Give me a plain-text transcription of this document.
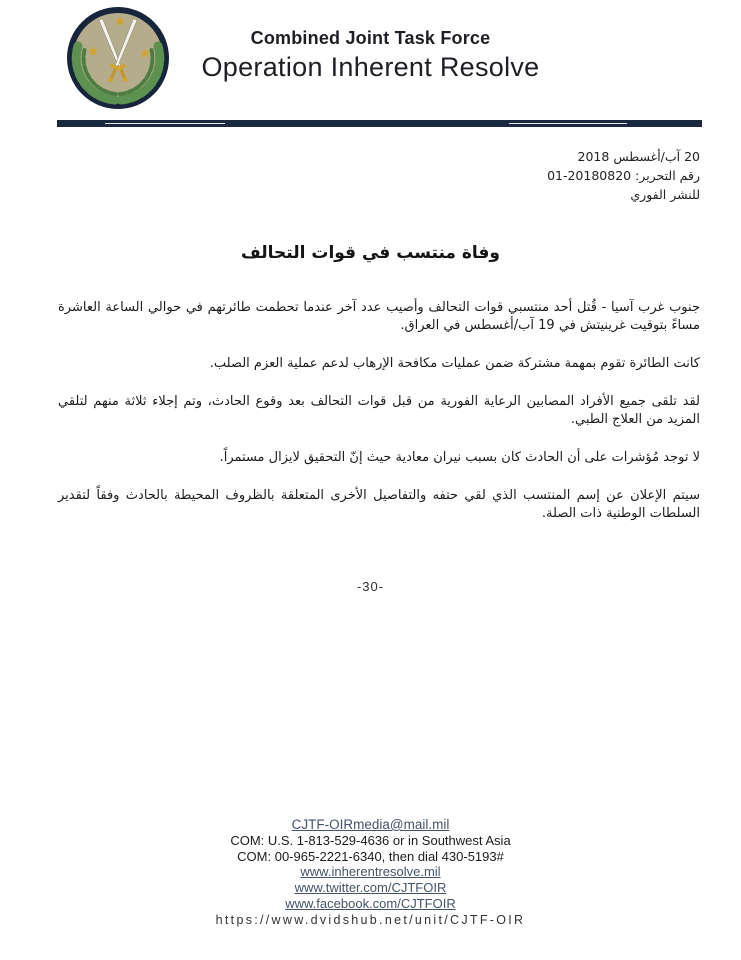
Combined Joint Task Force
Operation Inherent Resolve
20 آب/أغسطس 2018
رقم التحرير: 20180820-01
للنشر الفوري
وفاة منتسب في قوات التحالف

جنوب غرب آسيا - قُتل أحد منتسبي قوات التحالف وأصيب عدد آخر عندما تحطمت طائرتهم في حوالي الساعة العاشرة مساءً بتوقيت غرينيتش في 19 آب/أغسطس في العراق.

كانت الطائرة تقوم بمهمة مشتركة ضمن عمليات مكافحة الإرهاب لدعم عملية العزم الصلب.

لقد تلقى جميع الأفراد المصابين الرعاية الفورية من قبل قوات التحالف بعد وقوع الحادث، وتم إجلاء ثلاثة منهم لتلقي المزيد من العلاج الطبي.

لا توجد مُؤشرات على أن الحادث كان بسبب نيران معادية حيث إنّ التحقيق لايزال مستمراً.

سيتم الإعلان عن إسم المنتسب الذي لقي حتفه والتفاصيل الأخرى المتعلقة بالظروف المحيطة بالحادث وفقاً لتقدير السلطات الوطنية ذات الصلة.

-30-
CJTF-OIRmedia@mail.mil
COM: U.S. 1-813-529-4636 or in Southwest Asia
COM: 00-965-2221-6340, then dial 430-5193#
www.inherentresolve.mil
www.twitter.com/CJTFOIR
www.facebook.com/CJTFOIR
https://www.dvidshub.net/unit/CJTF-OIR
